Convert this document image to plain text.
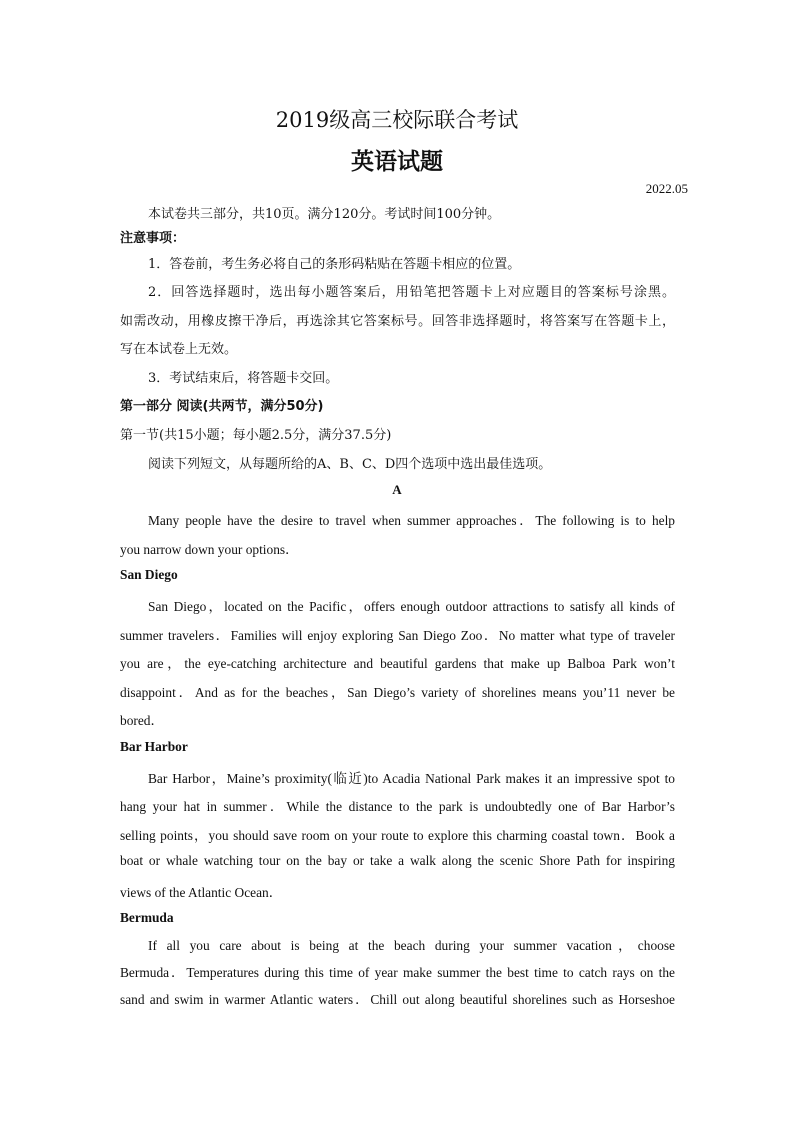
2019级高三校际联合考试
英语试题
2022.05
本试卷共三部分，共10页。满分120分。考试时间100分钟。
注意事项：
1．答卷前，考生务必将自己的条形码粘贴在答题卡相应的位置。
2．回答选择题时，选出每小题答案后，用铅笔把答题卡上对应题目的答案标号涂黑。
如需改动，用橡皮擦干净后，再选涂其它答案标号。回答非选择题时，将答案写在答题卡上，
写在本试卷上无效。
3．考试结束后，将答题卡交回。
第一部分 阅读(共两节，满分50分)
第一节(共15小题；每小题2.5分，满分37.5分)
阅读下列短文，从每题所给的A、B、C、D四个选项中选出最佳选项。
A
Many people have the desire to travel when summer approaches．The following is to help
you narrow down your options．
San Diego
San Diego，located on the Pacific，offers enough outdoor attractions to satisfy all kinds of
summer travelers．Families will enjoy exploring San Diego Zoo．No matter what type of traveler
you are，the eye-catching architecture and beautiful gardens that make up Balboa Park won’t
disappoint．And as for the beaches，San Diego’s variety of shorelines means you’11 never be
bored．
Bar Harbor
Bar Harbor，Maine’s proximity(临近)to Acadia National Park makes it an impressive spot to
hang your hat in summer．While the distance to the park is undoubtedly one of Bar Harbor’s
selling points，you should save room on your route to explore this charming coastal town．Book a
boat or whale watching tour on the bay or take a walk along the scenic Shore Path for inspiring
views of the Atlantic Ocean．
Bermuda
If all you care about is being at the beach during your summer vacation，choose
Bermuda．Temperatures during this time of year make summer the best time to catch rays on the
sand and swim in warmer Atlantic waters．Chill out along beautiful shorelines such as Horseshoe
